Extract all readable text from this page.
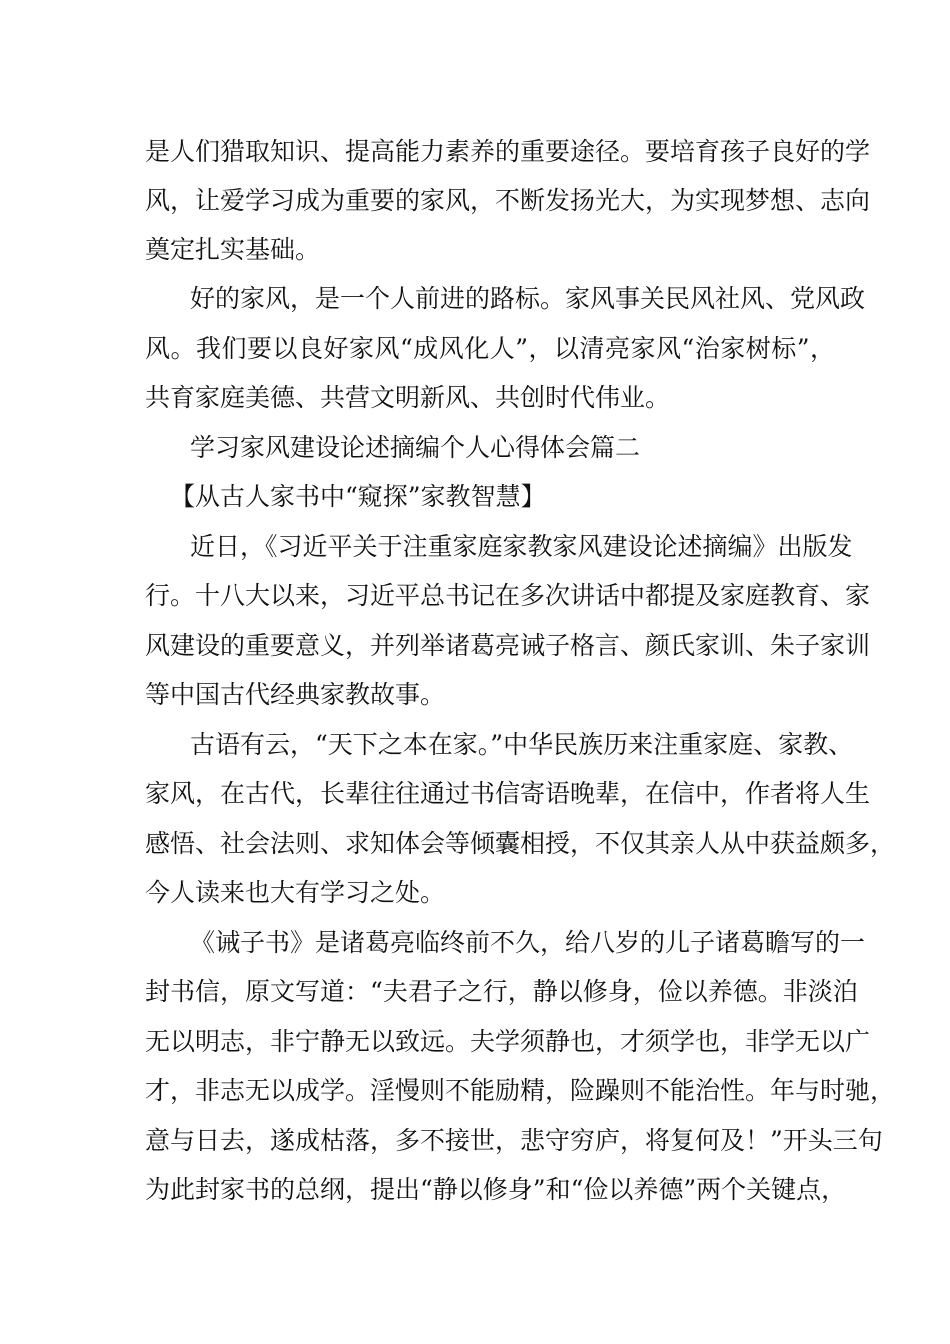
是人们猎取知识、提高能力素养的重要途径。要培育孩子良好的学
风，让爱学习成为重要的家风，不断发扬光大，为实现梦想、志向
奠定扎实基础。
好的家风，是一个人前进的路标。家风事关民风社风、党风政
风。我们要以良好家风“成风化人”，以清亮家风“治家树标”，
共育家庭美德、共营文明新风、共创时代伟业。
学习家风建设论述摘编个人心得体会篇二
【从古人家书中“窥探”家教智慧】
近日，《习近平关于注重家庭家教家风建设论述摘编》出版发
行。十八大以来，习近平总书记在多次讲话中都提及家庭教育、家
风建设的重要意义，并列举诸葛亮诫子格言、颜氏家训、朱子家训
等中国古代经典家教故事。
古语有云，“天下之本在家。”中华民族历来注重家庭、家教、
家风，在古代，长辈往往通过书信寄语晚辈，在信中，作者将人生
感悟、社会法则、求知体会等倾囊相授，不仅其亲人从中获益颇多，
今人读来也大有学习之处。
《诫子书》是诸葛亮临终前不久，给八岁的儿子诸葛瞻写的一
封书信，原文写道：“夫君子之行，静以修身，俭以养德。非淡泊
无以明志，非宁静无以致远。夫学须静也，才须学也，非学无以广
才，非志无以成学。淫慢则不能励精，险躁则不能治性。年与时驰，
意与日去，遂成枯落，多不接世，悲守穷庐，将复何及！”开头三句
为此封家书的总纲，提出“静以修身”和“俭以养德”两个关键点，
